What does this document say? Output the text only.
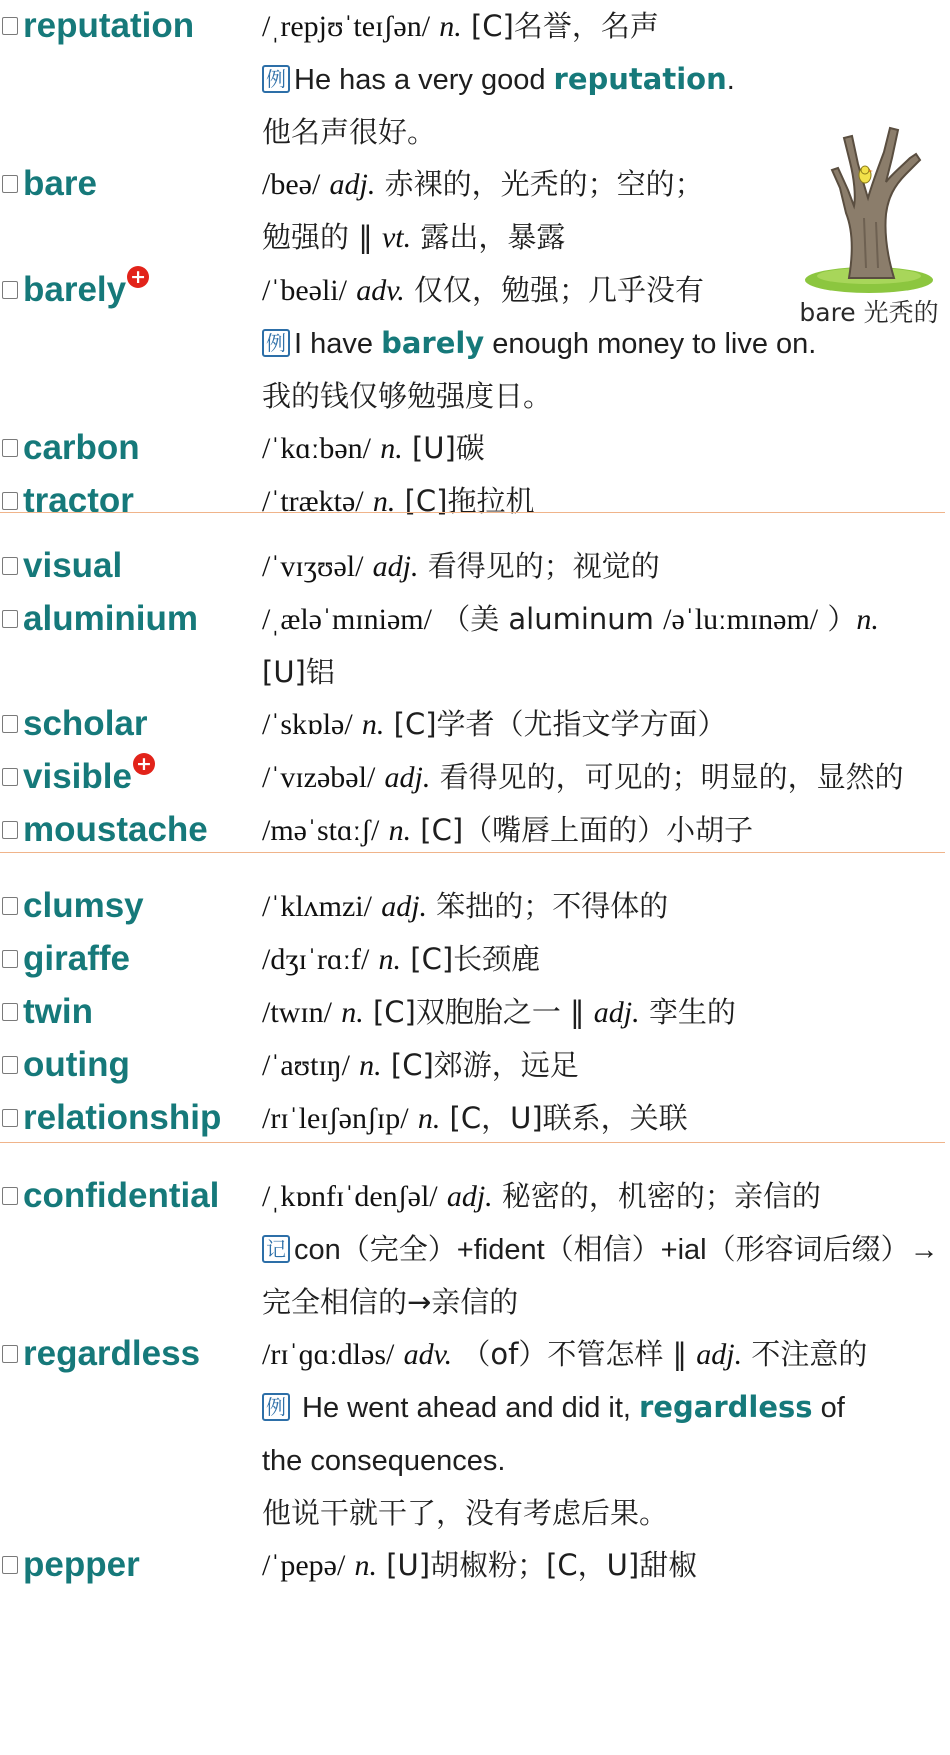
reputation /ˌrepjʊˈteɪʃən/ n. [C]名誉，名声
例 He has a very good reputation.
他名声很好。
bare	/beə/ adj. 赤裸的，光秃的；空的；
勉强的 ‖ vt. 露出，暴露
barely +	/ˈbeəli/ adv. 仅仅，勉强；几乎没有
例 I have barely enough money to live on.
我的钱仅够勉强度日。
carbon	/ˈkɑːbən/ n. [U]碳
tractor	/ˈtræktə/ n. [C]拖拉机
visual	/ˈvɪʒʊəl/ adj. 看得见的；视觉的
aluminium /ˌæləˈmɪniəm/ （美 aluminum /əˈluːmɪnəm/ ）n.
[U]铝
scholar	/ˈskɒlə/ n. [C]学者（尤指文学方面）
visible +	/ˈvɪzəbəl/ adj. 看得见的，可见的；明显的，显然的
moustache /məˈstɑːʃ/ n. [C]（嘴唇上面的）小胡子
clumsy	/ˈklʌmzi/ adj. 笨拙的；不得体的
giraffe	/dʒɪˈrɑːf/ n. [C]长颈鹿
twin	/twɪn/ n. [C]双胞胎之一 ‖ adj. 孪生的
outing	/ˈaʊtɪŋ/ n. [C]郊游，远足
relationship /rɪˈleɪʃənʃɪp/ n. [C，U]联系，关联
confidential /ˌkɒnfɪˈdenʃəl/ adj. 秘密的，机密的；亲信的
记 con（完全）+fident（相信）+ial（形容词后缀）→
完全相信的→亲信的
regardless /rɪˈɡɑːdləs/ adv. （of）不管怎样 ‖ adj. 不注意的
例 He went ahead and did it, regardless of
the consequences.
他说干就干了，没有考虑后果。
pepper	/ˈpepə/ n. [U]胡椒粉；[C，U]甜椒
bare 光秃的
